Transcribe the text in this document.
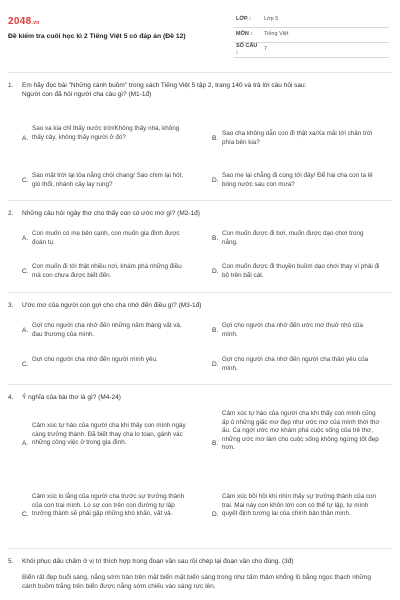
2048.vn
Đề kiểm tra cuối học kì 2 Tiếng Việt 5 có đáp án (Đề 12)
LỚP :	Lớp 5
MÔN :	Tiếng Việt
SỐ CÂU :	7
1. Em hãy đọc bài "Những cánh buồm" trong sách Tiếng Việt 5 tập 2, trang 140 và trả lời câu hỏi sau:
Người con đã hỏi người cha câu gì? (M1-1đ)
A.
Sao xa kia chỉ thấy nước trời/Không thấy nhà, không thấy cây, không thấy người ở đó?	B.
Sao cha không dẫn con đi thật xa/Xa mãi tới chân trời phía bên kia?
C.
Sao mặt trời lại tỏa nắng chói chang/ Sao chim lại hót, gió thổi, nhành cây lay rung?	D.
Sao mẹ lại chẳng đi cùng tới đây/ Để hai cha con ta lẻ bóng nước sau con mưa?
2. Những câu hỏi ngây thơ cho thấy con có ước mơ gì? (M2-1đ)
A.
Con muốn có mẹ bên cạnh, con muốn gia đình được đoàn tụ.	B.
Con muốn được đi bơi, muốn được dạo chơi trong nắng.
C.
Con muốn đi tới thật nhiều nơi, khám phá những điều mà con chưa được biết đến.	D.
Con muốn được đi thuyền buồm dạo chơi thay vì phải đi bộ trên bãi cát.
3. Ước mơ của người con gợi cho cha nhớ đến điều gì? (M3-1đ)
A.
Gợi cho người cha nhớ đến những năm tháng vất vả, đau thương của mình.	B.
Gợi cho người cha nhớ đến ước mơ thuở nhỏ của mình.
C.
Gợi cho người cha nhớ đến người mình yêu.
D.
Gợi cho người cha nhớ đến người cha thân yêu của mình.
4. Ý nghĩa của bài thơ là gì? (M4-24)
A.
Cảm xúc tự hào của người cha khi thấy con mình ngày càng trưởng thành. Đã biết thay cha lo toan, gánh vác những công việc ở trong gia đình.	B.
Cảm xúc tự hào của người cha khi thấy con mình cũng ấp ủ những giấc mơ đẹp như ước mơ của mình thời thơ ấu. Ca ngợi ước mơ khám phá cuộc sống của trẻ thơ, những ước mơ làm cho cuộc sống không ngừng tốt đẹp hơn.
C.
Cảm xúc lo lắng của người cha trước sự trưởng thành của con trai mình. Lo sợ con trên con đường tự lập trưởng thành sẽ phải gặp những khó khăn, vất vả.	D.
Cảm xúc bồi hồi khi nhìn thấy sự trưởng thành của con trai. Mai này con khôn lớn con có thể tự lập, tự mình quyết định tương lai của chính bản thân mình.
5. Khôi phục dấu chấm ở vị trí thích hợp trong đoạn văn sau rồi chép lại đoạn văn cho đúng. (3đ)
Biển rất đẹp buổi sáng, nắng sớm tràn trên mặt biển mặt biển sáng trong như tấm thảm khổng lồ bằng ngọc thạch những cánh buồm trắng trên biển được nắng sớm chiếu vào sáng rực lên,
